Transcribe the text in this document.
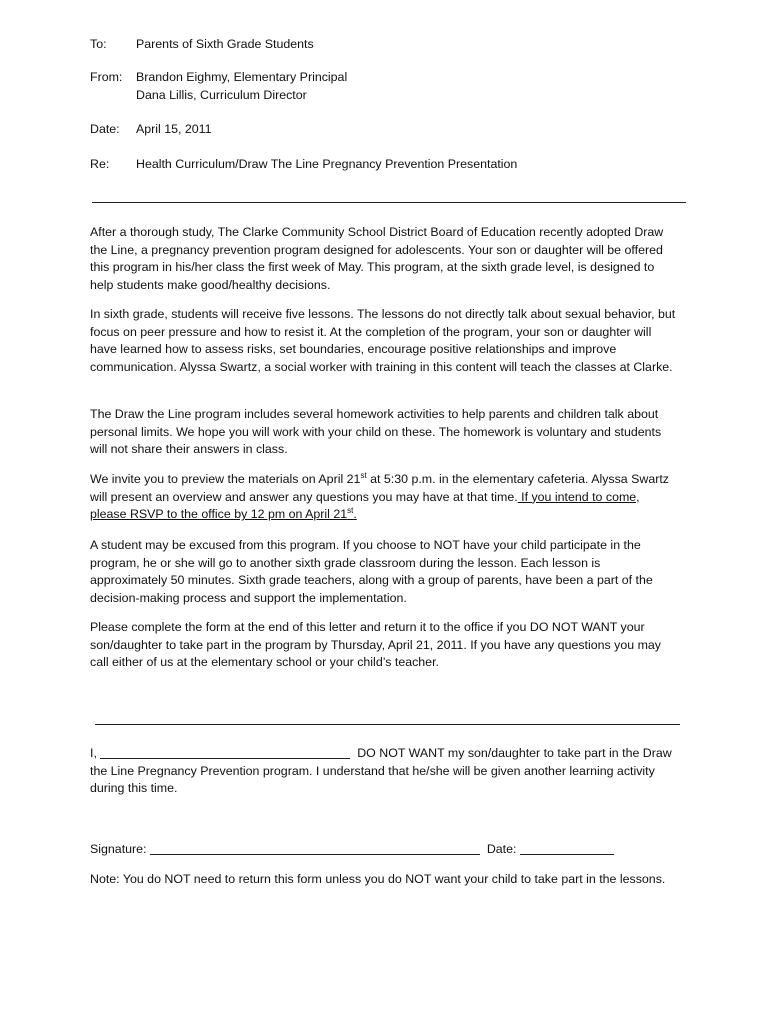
To: Parents of Sixth Grade Students
From: Brandon Eighmy, Elementary Principal
Dana Lillis, Curriculum Director
Date: April 15, 2011
Re: Health Curriculum/Draw The Line Pregnancy Prevention Presentation

After a thorough study, The Clarke Community School District Board of Education recently adopted Draw the Line, a pregnancy prevention program designed for adolescents. Your son or daughter will be offered this program in his/her class the first week of May. This program, at the sixth grade level, is designed to help students make good/healthy decisions.

In sixth grade, students will receive five lessons. The lessons do not directly talk about sexual behavior, but focus on peer pressure and how to resist it. At the completion of the program, your son or daughter will have learned how to assess risks, set boundaries, encourage positive relationships and improve communication. Alyssa Swartz, a social worker with training in this content will teach the classes at Clarke.

The Draw the Line program includes several homework activities to help parents and children talk about personal limits. We hope you will work with your child on these. The homework is voluntary and students will not share their answers in class.

We invite you to preview the materials on April 21st at 5:30 p.m. in the elementary cafeteria. Alyssa Swartz will present an overview and answer any questions you may have at that time. If you intend to come, please RSVP to the office by 12 pm on April 21st.

A student may be excused from this program. If you choose to NOT have your child participate in the program, he or she will go to another sixth grade classroom during the lesson. Each lesson is approximately 50 minutes. Sixth grade teachers, along with a group of parents, have been a part of the decision-making process and support the implementation.

Please complete the form at the end of this letter and return it to the office if you DO NOT WANT your son/daughter to take part in the program by Thursday, April 21, 2011. If you have any questions you may call either of us at the elementary school or your child’s teacher.

I,	DO NOT WANT my son/daughter to take part in the Draw the Line Pregnancy Prevention program. I understand that he/she will be given another learning activity during this time.

Signature:	Date:

Note: You do NOT need to return this form unless you do NOT want your child to take part in the lessons.
